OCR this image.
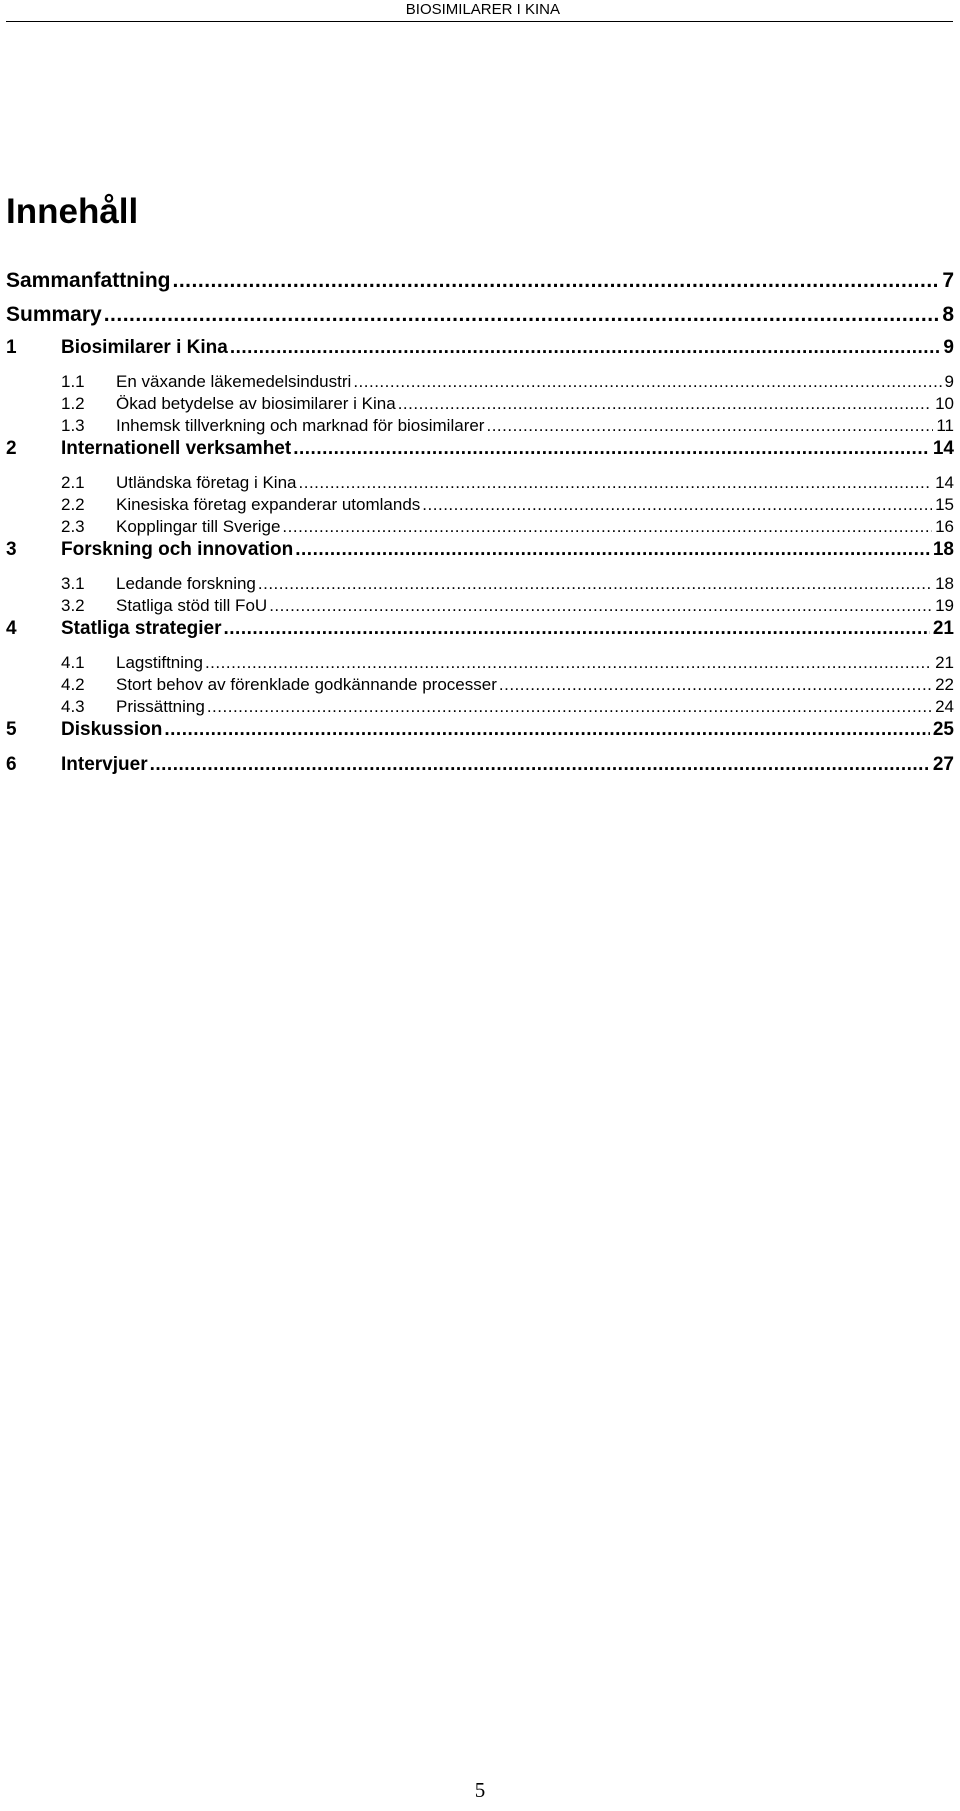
BIOSIMILARER I KINA
Innehåll
Sammanfattning .....	7
Summary .....	8
1	Biosimilarer i Kina .....	9
1.1	En växande läkemedelsindustri .....	9
1.2	Ökad betydelse av biosimilarer i Kina .....	10
1.3	Inhemsk tillverkning och marknad för biosimilarer .....	11
2	Internationell verksamhet .....	14
2.1	Utländska företag i Kina .....	14
2.2	Kinesiska företag expanderar utomlands .....	15
2.3	Kopplingar till Sverige .....	16
3	Forskning och innovation .....	18
3.1	Ledande forskning .....	18
3.2	Statliga stöd till FoU .....	19
4	Statliga strategier .....	21
4.1	Lagstiftning .....	21
4.2	Stort behov av förenklade godkännande processer .....	22
4.3	Prissättning .....	24
5	Diskussion .....	25
6	Intervjuer .....	27
5
